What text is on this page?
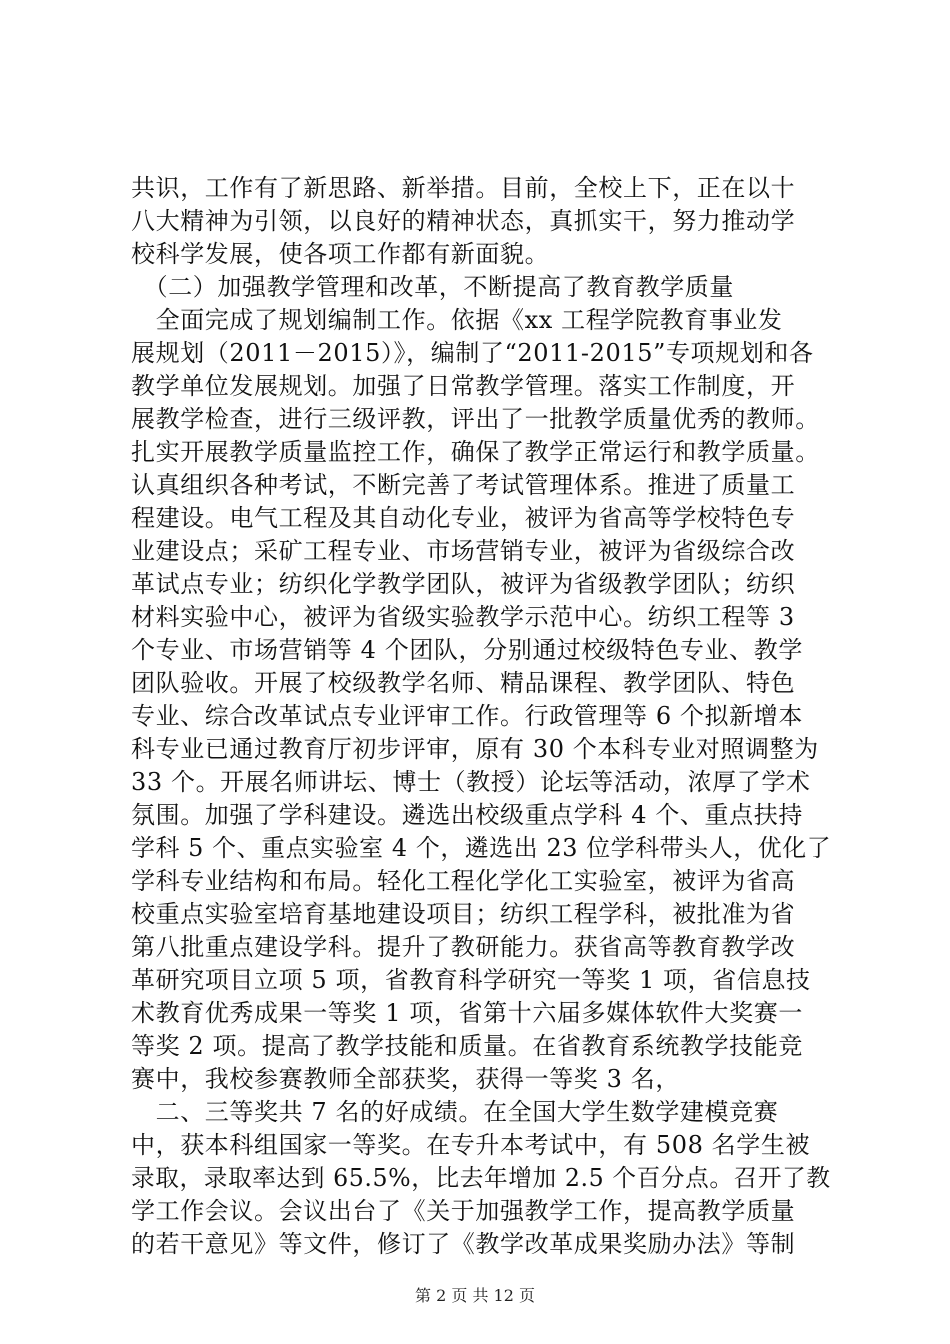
共识，工作有了新思路、新举措。目前，全校上下，正在以十
八大精神为引领，以良好的精神状态，真抓实干，努力推动学
校科学发展，使各项工作都有新面貌。
　（二）加强教学管理和改革，不断提高了教育教学质量
　全面完成了规划编制工作。依据《xx 工程学院教育事业发
展规划（2011－2015）》，编制了“2011-2015”专项规划和各
教学单位发展规划。加强了日常教学管理。落实工作制度，开
展教学检查，进行三级评教，评出了一批教学质量优秀的教师。
扎实开展教学质量监控工作，确保了教学正常运行和教学质量。
认真组织各种考试，不断完善了考试管理体系。推进了质量工
程建设。电气工程及其自动化专业，被评为省高等学校特色专
业建设点；采矿工程专业、市场营销专业，被评为省级综合改
革试点专业；纺织化学教学团队，被评为省级教学团队；纺织
材料实验中心，被评为省级实验教学示范中心。纺织工程等 3
个专业、市场营销等 4 个团队，分别通过校级特色专业、教学
团队验收。开展了校级教学名师、精品课程、教学团队、特色
专业、综合改革试点专业评审工作。行政管理等 6 个拟新增本
科专业已通过教育厅初步评审，原有 30 个本科专业对照调整为
33 个。开展名师讲坛、博士（教授）论坛等活动，浓厚了学术
氛围。加强了学科建设。遴选出校级重点学科 4 个、重点扶持
学科 5 个、重点实验室 4 个，遴选出 23 位学科带头人，优化了
学科专业结构和布局。轻化工程化学化工实验室，被评为省高
校重点实验室培育基地建设项目；纺织工程学科，被批准为省
第八批重点建设学科。提升了教研能力。获省高等教育教学改
革研究项目立项 5 项，省教育科学研究一等奖 1 项，省信息技
术教育优秀成果一等奖 1 项，省第十六届多媒体软件大奖赛一
等奖 2 项。提高了教学技能和质量。在省教育系统教学技能竞
赛中，我校参赛教师全部获奖，获得一等奖 3 名，
　二、三等奖共 7 名的好成绩。在全国大学生数学建模竞赛
中，获本科组国家一等奖。在专升本考试中，有 508 名学生被
录取，录取率达到 65.5%，比去年增加 2.5 个百分点。召开了教
学工作会议。会议出台了《关于加强教学工作，提高教学质量
的若干意见》等文件，修订了《教学改革成果奖励办法》等制
第 2 页 共 12 页
